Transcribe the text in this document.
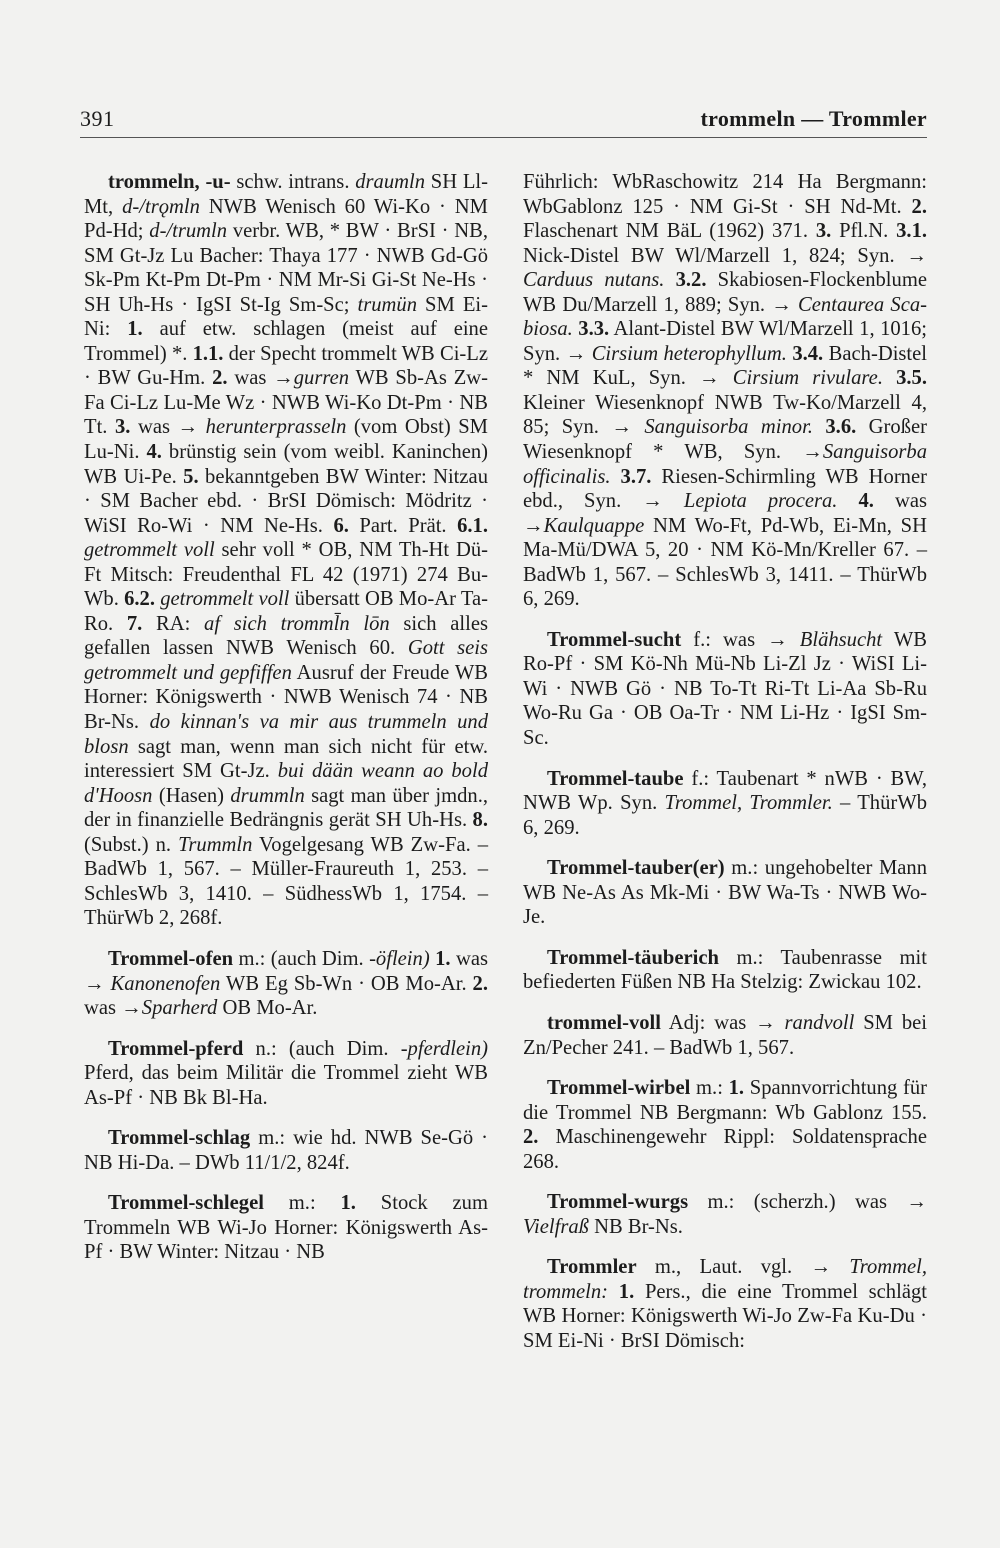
391	trommeln — Trommler

trommeln, -u- schw. intrans. draumln SH Ll-Mt, d-/trǫmln NWB Wenisch 60 Wi-Ko · NM Pd-Hd; d-/trumln verbr. WB, * BW · BrSI · NB, SM Gt-Jz Lu Bacher: Thaya 177 · NWB Gd-Gö Sk-Pm Kt-Pm Dt-Pm · NM Mr-Si Gi-St Ne-Hs · SH Uh-Hs · IgSI St-Ig Sm-Sc; trumün SM Ei-Ni: 1. auf etw. schlagen (meist auf eine Trommel) *. 1.1. der Specht trommelt WB Ci-Lz · BW Gu-Hm. 2. was →gurren WB Sb-As Zw-Fa Ci-Lz Lu-Me Wz · NWB Wi-Ko Dt-Pm · NB Tt. 3. was → herunterprasseln (vom Obst) SM Lu-Ni. 4. brünstig sein (vom weibl. Kaninchen) WB Ui-Pe. 5. bekanntgeben BW Winter: Nitzau · SM Bacher ebd. · BrSI Dömisch: Mödritz · WiSI Ro-Wi · NM Ne-Hs. 6. Part. Prät. 6.1. getrommelt voll sehr voll * OB, NM Th-Ht Dü-Ft Mitsch: Freudenthal FL 42 (1971) 274 Bu-Wb. 6.2. getrommelt voll übersatt OB Mo-Ar Ta-Ro. 7. RA: af sich tromml̄n lōn sich alles gefallen lassen NWB Wenisch 60. Gott seis getrommelt und gepfiffen Ausruf der Freude WB Horner: Königswerth · NWB Wenisch 74 · NB Br-Ns. do kinnan's va mir aus trummeln und blosn sagt man, wenn man sich nicht für etw. interessiert SM Gt-Jz. bui dään weann ao bold d'Hoosn (Hasen) drummln sagt man über jmdn., der in finanzielle Bedrängnis gerät SH Uh-Hs. 8. (Subst.) n. Trummln Vogelgesang WB Zw-Fa. – BadWb 1, 567. – Müller-Fraureuth 1, 253. – SchlesWb 3, 1410. – SüdhessWb 1, 1754. – ThürWb 2, 268f.

Trommel-ofen m.: (auch Dim. -öflein) 1. was → Kanonenofen WB Eg Sb-Wn · OB Mo-Ar. 2. was →Sparherd OB Mo-Ar.

Trommel-pferd n.: (auch Dim. -pferdlein) Pferd, das beim Militär die Trommel zieht WB As-Pf · NB Bk Bl-Ha.

Trommel-schlag m.: wie hd. NWB Se-Gö · NB Hi-Da. – DWb 11/1/2, 824f.

Trommel-schlegel m.: 1. Stock zum Trommeln WB Wi-Jo Horner: Königswerth As-Pf · BW Winter: Nitzau · NB

Führlich: WbRaschowitz 214 Ha Bergmann: WbGablonz 125 · NM Gi-St · SH Nd-Mt. 2. Flaschenart NM BäL (1962) 371. 3. Pfl.N. 3.1. Nick-Distel BW Wl/Marzell 1, 824; Syn. → Carduus nutans. 3.2. Skabiosen-Flockenblume WB Du/Marzell 1, 889; Syn. → Centaurea Scabiosa. 3.3. Alant-Distel BW Wl/Marzell 1, 1016; Syn. → Cirsium heterophyllum. 3.4. Bach-Distel * NM KuL, Syn. → Cirsium rivulare. 3.5. Kleiner Wiesenknopf NWB Tw-Ko/Marzell 4, 85; Syn. → Sanguisorba minor. 3.6. Großer Wiesenknopf * WB, Syn. →Sanguisorba officinalis. 3.7. Riesen-Schirmling WB Horner ebd., Syn. → Lepiota procera. 4. was →Kaulquappe NM Wo-Ft, Pd-Wb, Ei-Mn, SH Ma-Mü/DWA 5, 20 · NM Kö-Mn/Kreller 67. – BadWb 1, 567. – SchlesWb 3, 1411. – ThürWb 6, 269.

Trommel-sucht f.: was → Blähsucht WB Ro-Pf · SM Kö-Nh Mü-Nb Li-Zl Jz · WiSI Li-Wi · NWB Gö · NB To-Tt Ri-Tt Li-Aa Sb-Ru Wo-Ru Ga · OB Oa-Tr · NM Li-Hz · IgSI Sm-Sc.

Trommel-taube f.: Taubenart * nWB · BW, NWB Wp. Syn. Trommel, Trommler. – ThürWb 6, 269.

Trommel-tauber(er) m.: ungehobelter Mann WB Ne-As As Mk-Mi · BW Wa-Ts · NWB Wo-Je.

Trommel-täuberich m.: Taubenrasse mit befiederten Füßen NB Ha Stelzig: Zwickau 102.

trommel-voll Adj: was → randvoll SM bei Zn/Pecher 241. – BadWb 1, 567.

Trommel-wirbel m.: 1. Spannvorrichtung für die Trommel NB Bergmann: Wb Gablonz 155. 2. Maschinengewehr Rippl: Soldatensprache 268.

Trommel-wurgs m.: (scherzh.) was → Vielfraß NB Br-Ns.

Trommler m., Laut. vgl. → Trommel, trommeln: 1. Pers., die eine Trommel schlägt WB Horner: Königswerth Wi-Jo Zw-Fa Ku-Du · SM Ei-Ni · BrSI Dömisch:
